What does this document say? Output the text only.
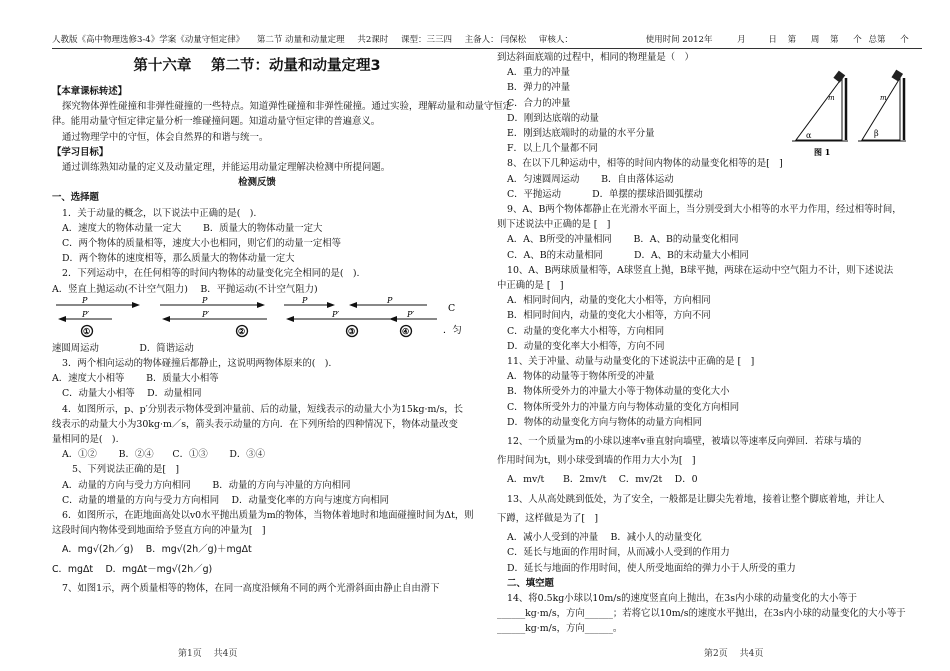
人教版《高中物理选修3-4》学案《动量守恒定律》 第二节 动量和动量定理 共2课时 课型：三三四 主备人： 闫保松 审核人：	使用时间 2012年	月	日 第 周 第 个 总第 个
第十六章　 第二节：动量和动量定理3
【本章课标转述】
探究物体弹性碰撞和非弹性碰撞的一些特点。知道弹性碰撞和非弹性碰撞。通过实验，理解动量和动量守恒定
律。能用动量守恒定律定量分析一维碰撞问题。知道动量守恒定律的普遍意义。
通过物理学中的守恒，体会自然界的和谐与统一。
【学习目标】
通过训练熟知动量的定义及动量定理，并能运用动量定理解决检测中所提问题。
检测反馈
一、选择题
1．关于动量的概念，以下说法中正确的是(　).
A．速度大的物体动量一定大　　 B．质量大的物体动量一定大
C．两个物体的质量相等，速度大小也相同，则它们的动量一定相等
D．两个物体的速度相等，那么质量大的物体动量一定大
2．下列运动中，在任何相等的时间内物体的动量变化完全相同的是(　).
A．竖直上抛运动(不计空气阻力)　 B．平抛运动(不计空气阻力)
P
P′
①
P
P′
②
P
P′
③
P
P′
④
C
．匀
速圆周运动　　　　 D．简谐运动
3．两个相向运动的物体碰撞后都静止，这说明两物体原来的(　).
A．速度大小相等　　 B．质量大小相等
C．动量大小相等　 D．动量相同
4．如图所示，p、p′分别表示物体受到冲量前、后的动量，短线表示的动量大小为15kg·m/s，长
线表示的动量大小为30kg·m／s，箭头表示动量的方向．在下列所给的四种情况下，物体动量改变
量相同的是(　).
A．①②　　 B．②④　　C．①③　　 D．③④
5、下列说法正确的是[　]
A．动量的方向与受力方向相同　　 B．动量的方向与冲量的方向相同
C．动量的增量的方向与受力方向相同　 D．动量变化率的方向与速度方向相同
6．如图所示，在距地面高处以v0水平抛出质量为m的物体，当物体着地时和地面碰撞时间为Δt，则
这段时间内物体受到地面给予竖直方向的冲量为[　]
A．mg√(2h／g)　 B．mg√(2h／g)＋mgΔt
C．mgΔt　 D．mgΔt－mg√(2h／g)
7、如图1示，两个质量相等的物体，在同一高度沿倾角不同的两个光滑斜面由静止自由滑下
到达斜面底端的过程中，相同的物理量是（　）
A．重力的冲量
B．弹力的冲量
C．合力的冲量
D．刚到达底端的动量
E．刚到达底端时的动量的水平分量
F．以上几个量都不同
8、在以下几种运动中，相等的时间内物体的动量变化相等的是[　]
A．匀速圆周运动　　 B．自由落体运动
C．平抛运动　　　 D．单摆的摆球沿圆弧摆动
9、A、B两个物体都静止在光滑水平面上，当分别受到大小相等的水平力作用，经过相等时间，
则下述说法中正确的是 [　]
A．A、B所受的冲量相同　　 B．A、B的动量变化相同
C．A、B的末动量相同　　　 D．A、B的末动量大小相同
10、A、B两球质量相等，A球竖直上抛，B球平抛，两球在运动中空气阻力不计，则下述说法
中正确的是 [　]
A．相同时间内，动量的变化大小相等，方向相同
B．相同时间内，动量的变化大小相等，方向不同
C．动量的变化率大小相等，方向相同
D．动量的变化率大小相等，方向不同
11、关于冲量、动量与动量变化的下述说法中正确的是 [　]
A．物体的动量等于物体所受的冲量
B．物体所受外力的冲量大小等于物体动量的变化大小
C．物体所受外力的冲量方向与物体动量的变化方向相同
D．物体的动量变化方向与物体的动量方向相同
12、一个质量为m的小球以速率v垂直射向墙壁，被墙以等速率反向弹回．若球与墙的
作用时间为t，则小球受到墙的作用力大小为[　]
A．mv/t　　B．2mv/t　 C．mv/2t　 D．0
13、人从高处跳到低处，为了安全，一般都是让脚尖先着地，接着让整个脚底着地，并让人
下蹲，这样做是为了[　]
A．减小人受到的冲量　 B．减小人的动量变化
C．延长与地面的作用时间，从而减小人受到的作用力
D．延长与地面的作用时间，使人所受地面给的弹力小于人所受的重力
二、填空题
14、将0.5kg小球以10m/s的速度竖直向上抛出，在3s内小球的动量变化的大小等于
______kg·m/s，方向______；若将它以10m/s的速度水平抛出，在3s内小球的动量变化的大小等于
______kg·m/s，方向______。
m
α
m
β
图 1
第1页　 共4页	第2页　 共4页
